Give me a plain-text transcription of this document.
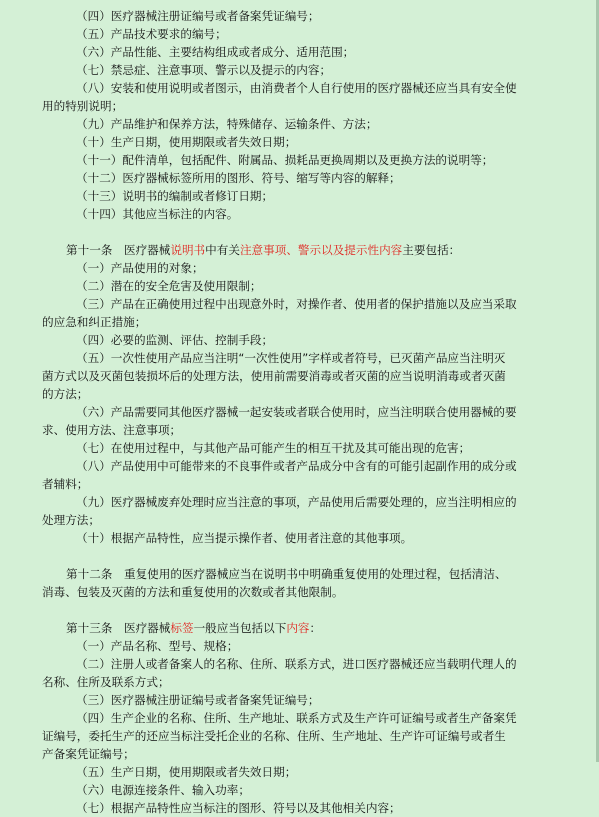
（四）医疗器械注册证编号或者备案凭证编号；
（五）产品技术要求的编号；
（六）产品性能、主要结构组成或者成分、适用范围；
（七）禁忌症、注意事项、警示以及提示的内容；
（八）安装和使用说明或者图示，由消费者个人自行使用的医疗器械还应当具有安全使
用的特别说明；
（九）产品维护和保养方法，特殊储存、运输条件、方法；
（十）生产日期，使用期限或者失效日期；
（十一）配件清单，包括配件、附属品、损耗品更换周期以及更换方法的说明等；
（十二）医疗器械标签所用的图形、符号、缩写等内容的解释；
（十三）说明书的编制或者修订日期；
（十四）其他应当标注的内容。
第十一条　医疗器械说明书中有关注意事项、警示以及提示性内容主要包括：
（一）产品使用的对象；
（二）潜在的安全危害及使用限制；
（三）产品在正确使用过程中出现意外时，对操作者、使用者的保护措施以及应当采取
的应急和纠正措施；
（四）必要的监测、评估、控制手段；
（五）一次性使用产品应当注明“一次性使用”字样或者符号，已灭菌产品应当注明灭
菌方式以及灭菌包装损坏后的处理方法，使用前需要消毒或者灭菌的应当说明消毒或者灭菌
的方法；
（六）产品需要同其他医疗器械一起安装或者联合使用时，应当注明联合使用器械的要
求、使用方法、注意事项；
（七）在使用过程中，与其他产品可能产生的相互干扰及其可能出现的危害；
（八）产品使用中可能带来的不良事件或者产品成分中含有的可能引起副作用的成分或
者辅料；
（九）医疗器械废弃处理时应当注意的事项，产品使用后需要处理的，应当注明相应的
处理方法；
（十）根据产品特性，应当提示操作者、使用者注意的其他事项。
第十二条　重复使用的医疗器械应当在说明书中明确重复使用的处理过程，包括清洁、
消毒、包装及灭菌的方法和重复使用的次数或者其他限制。
第十三条　医疗器械标签一般应当包括以下内容：
（一）产品名称、型号、规格；
（二）注册人或者备案人的名称、住所、联系方式，进口医疗器械还应当载明代理人的
名称、住所及联系方式；
（三）医疗器械注册证编号或者备案凭证编号；
（四）生产企业的名称、住所、生产地址、联系方式及生产许可证编号或者生产备案凭
证编号，委托生产的还应当标注受托企业的名称、住所、生产地址、生产许可证编号或者生
产备案凭证编号；
（五）生产日期，使用期限或者失效日期；
（六）电源连接条件、输入功率；
（七）根据产品特性应当标注的图形、符号以及其他相关内容；
